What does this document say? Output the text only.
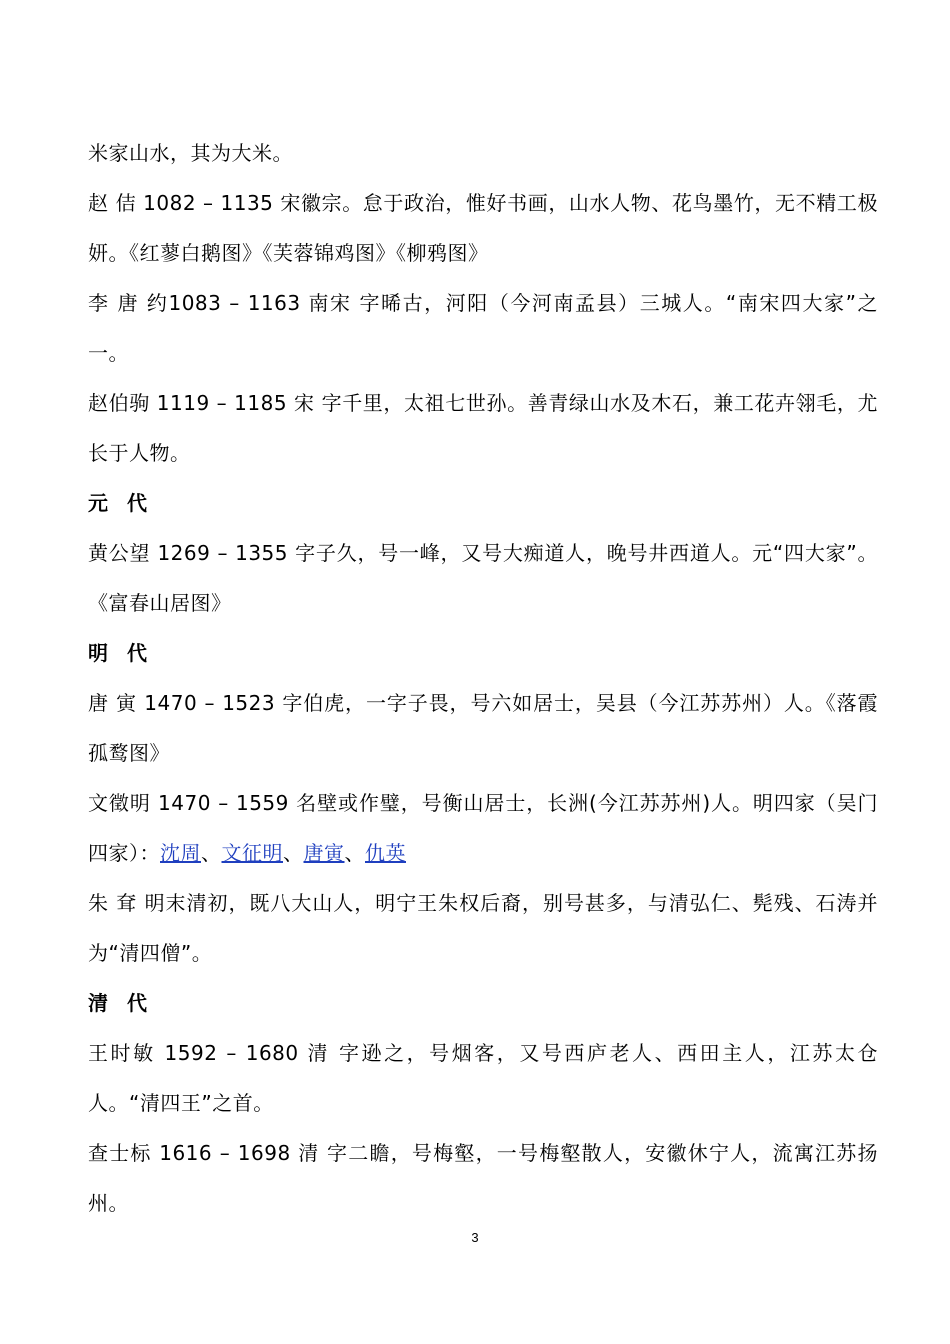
米家山水，其为大米。

赵 佶 1082 – 1135 宋徽宗。怠于政治，惟好书画，山水人物、花鸟墨竹，无不精工极妍。《红蓼白鹅图》《芙蓉锦鸡图》《柳鸦图》

李 唐 约1083 – 1163 南宋 字晞古，河阳（今河南孟县）三城人。“南宋四大家”之一。

赵伯驹 1119 – 1185 宋 字千里，太祖七世孙。善青绿山水及木石，兼工花卉翎毛，尤长于人物。

元 代

黄公望 1269 – 1355 字子久，号一峰，又号大痴道人，晚号井西道人。元“四大家”。《富春山居图》

明 代

唐 寅 1470 – 1523 字伯虎，一字子畏，号六如居士，吴县（今江苏苏州）人。《落霞孤鹜图》

文徵明 1470 – 1559 名壁或作璧，号衡山居士，长洲(今江苏苏州)人。明四家（吴门四家）：沈周、文征明、唐寅、仇英

朱 耷 明末清初，既八大山人，明宁王朱权后裔，别号甚多，与清弘仁、髡残、石涛并为“清四僧”。

清 代

王时敏 1592 – 1680 清 字逊之，号烟客，又号西庐老人、西田主人，江苏太仓人。“清四王”之首。

查士标 1616 – 1698 清 字二瞻，号梅壑，一号梅壑散人，安徽休宁人，流寓江苏扬州。

3
